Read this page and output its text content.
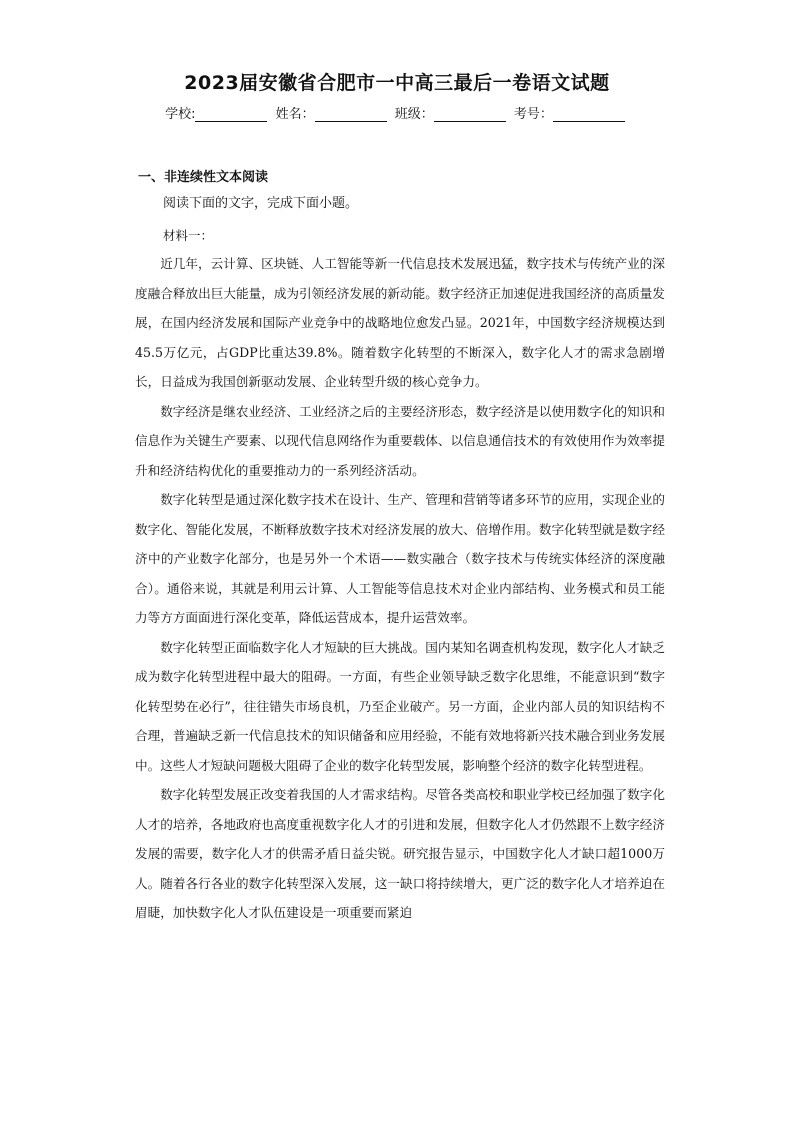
2023届安徽省合肥市一中高三最后一卷语文试题
学校:	姓名：	班级：	考号：
一、非连续性文本阅读
阅读下面的文字，完成下面小题。
材料一：

近几年，云计算、区块链、人工智能等新一代信息技术发展迅猛，数字技术与传统产业的深度融合释放出巨大能量，成为引领经济发展的新动能。数字经济正加速促进我国经济的高质量发展，在国内经济发展和国际产业竞争中的战略地位愈发凸显。2021年，中国数字经济规模达到45.5万亿元，占GDP比重达39.8%。随着数字化转型的不断深入，数字化人才的需求急剧增长，日益成为我国创新驱动发展、企业转型升级的核心竞争力。

数字经济是继农业经济、工业经济之后的主要经济形态，数字经济是以使用数字化的知识和信息作为关键生产要素、以现代信息网络作为重要载体、以信息通信技术的有效使用作为效率提升和经济结构优化的重要推动力的一系列经济活动。

数字化转型是通过深化数字技术在设计、生产、管理和营销等诸多环节的应用，实现企业的数字化、智能化发展，不断释放数字技术对经济发展的放大、倍增作用。数字化转型就是数字经济中的产业数字化部分，也是另外一个术语——数实融合（数字技术与传统实体经济的深度融合）。通俗来说，其就是利用云计算、人工智能等信息技术对企业内部结构、业务模式和员工能力等方方面面进行深化变革，降低运营成本，提升运营效率。

数字化转型正面临数字化人才短缺的巨大挑战。国内某知名调查机构发现，数字化人才缺乏成为数字化转型进程中最大的阻碍。一方面，有些企业领导缺乏数字化思维，不能意识到“数字化转型势在必行”，往往错失市场良机，乃至企业破产。另一方面，企业内部人员的知识结构不合理，普遍缺乏新一代信息技术的知识储备和应用经验，不能有效地将新兴技术融合到业务发展中。这些人才短缺问题极大阻碍了企业的数字化转型发展，影响整个经济的数字化转型进程。

数字化转型发展正改变着我国的人才需求结构。尽管各类高校和职业学校已经加强了数字化人才的培养，各地政府也高度重视数字化人才的引进和发展，但数字化人才仍然跟不上数字经济发展的需要，数字化人才的供需矛盾日益尖锐。研究报告显示，中国数字化人才缺口超1000万人。随着各行各业的数字化转型深入发展，这一缺口将持续增大，更广泛的数字化人才培养迫在眉睫，加快数字化人才队伍建设是一项重要而紧迫
